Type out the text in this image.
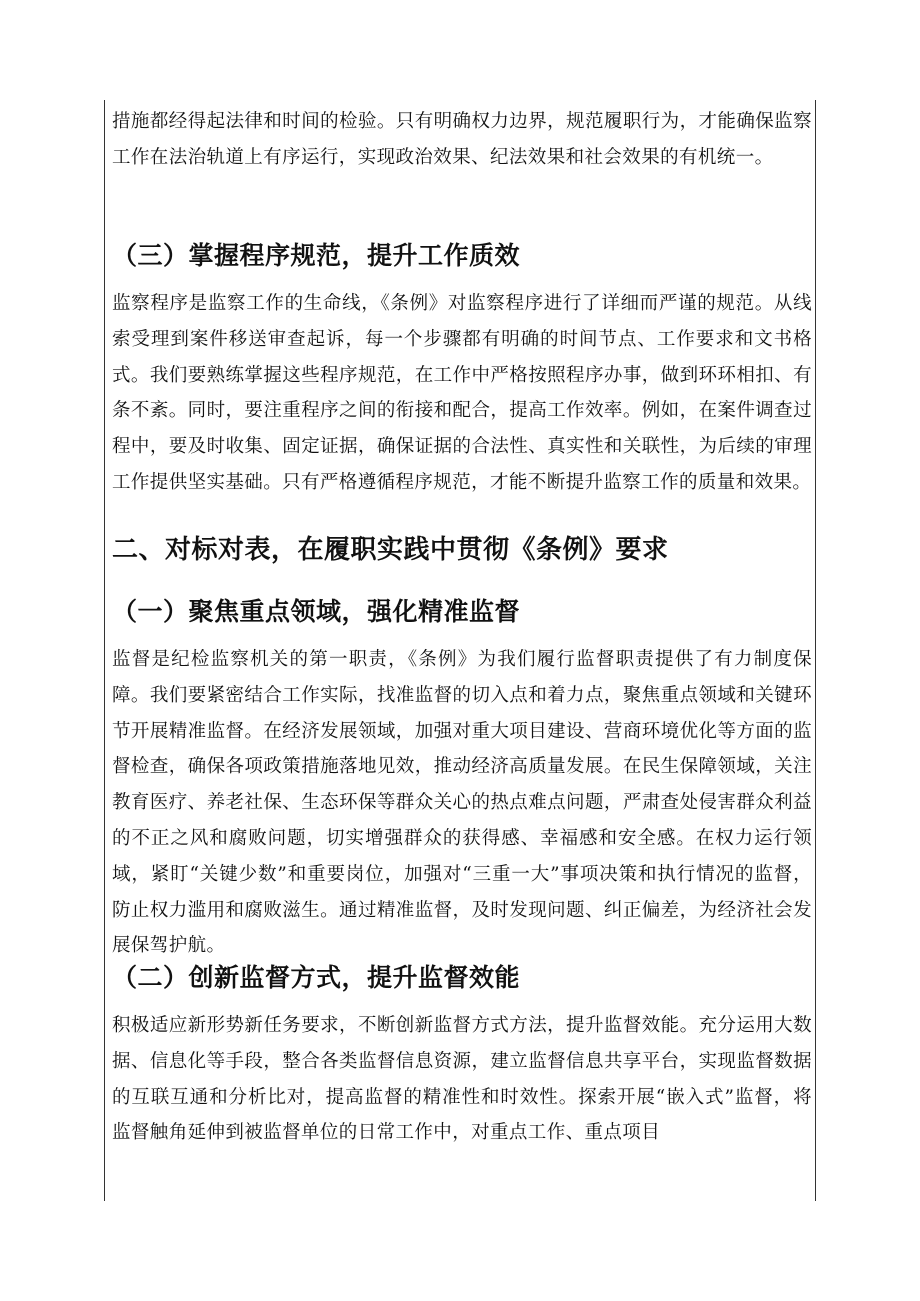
措施都经得起法律和时间的检验。只有明确权力边界，规范履职行为，才能确保监察工作在法治轨道上有序运行，实现政治效果、纪法效果和社会效果的有机统一。

（三）掌握程序规范，提升工作质效

监察程序是监察工作的生命线，《条例》对监察程序进行了详细而严谨的规范。从线索受理到案件移送审查起诉，每一个步骤都有明确的时间节点、工作要求和文书格式。我们要熟练掌握这些程序规范，在工作中严格按照程序办事，做到环环相扣、有条不紊。同时，要注重程序之间的衔接和配合，提高工作效率。例如，在案件调查过程中，要及时收集、固定证据，确保证据的合法性、真实性和关联性，为后续的审理工作提供坚实基础。只有严格遵循程序规范，才能不断提升监察工作的质量和效果。

二、对标对表，在履职实践中贯彻《条例》要求
（一）聚焦重点领域，强化精准监督

监督是纪检监察机关的第一职责，《条例》为我们履行监督职责提供了有力制度保障。我们要紧密结合工作实际，找准监督的切入点和着力点，聚焦重点领域和关键环节开展精准监督。在经济发展领域，加强对重大项目建设、营商环境优化等方面的监督检查，确保各项政策措施落地见效，推动经济高质量发展。在民生保障领域，关注教育医疗、养老社保、生态环保等群众关心的热点难点问题，严肃查处侵害群众利益的不正之风和腐败问题，切实增强群众的获得感、幸福感和安全感。在权力运行领域，紧盯“关键少数”和重要岗位，加强对“三重一大”事项决策和执行情况的监督，防止权力滥用和腐败滋生。通过精准监督，及时发现问题、纠正偏差，为经济社会发展保驾护航。

（二）创新监督方式，提升监督效能

积极适应新形势新任务要求，不断创新监督方式方法，提升监督效能。充分运用大数据、信息化等手段，整合各类监督信息资源，建立监督信息共享平台，实现监督数据的互联互通和分析比对，提高监督的精准性和时效性。探索开展“嵌入式”监督，将监督触角延伸到被监督单位的日常工作中，对重点工作、重点项目
